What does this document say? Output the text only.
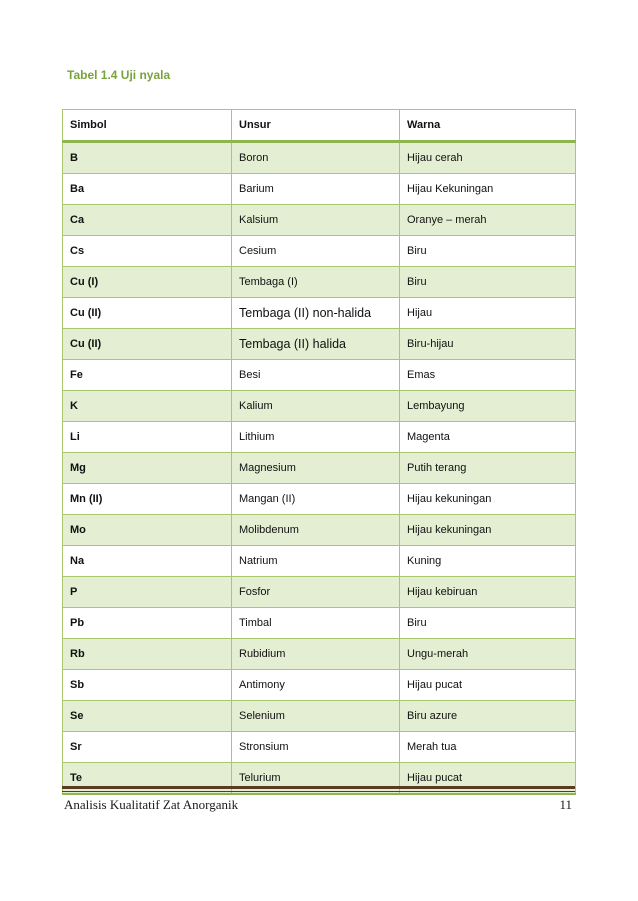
Tabel 1.4 Uji nyala
Simbol	Unsur	Warna
B	Boron	Hijau cerah
Ba	Barium	Hijau Kekuningan
Ca	Kalsium	Oranye – merah
Cs	Cesium	Biru
Cu (I)	Tembaga (I)	Biru
Cu (II)	Tembaga (II) non-halida	Hijau
Cu (II)	Tembaga (II) halida	Biru-hijau
Fe	Besi	Emas
K	Kalium	Lembayung
Li	Lithium	Magenta
Mg	Magnesium	Putih terang
Mn (II)	Mangan (II)	Hijau kekuningan
Mo	Molibdenum	Hijau kekuningan
Na	Natrium	Kuning
P	Fosfor	Hijau kebiruan
Pb	Timbal	Biru
Rb	Rubidium	Ungu-merah
Sb	Antimony	Hijau pucat
Se	Selenium	Biru azure
Sr	Stronsium	Merah tua
Te	Telurium	Hijau pucat
Analisis Kualitatif Zat Anorganik	11
